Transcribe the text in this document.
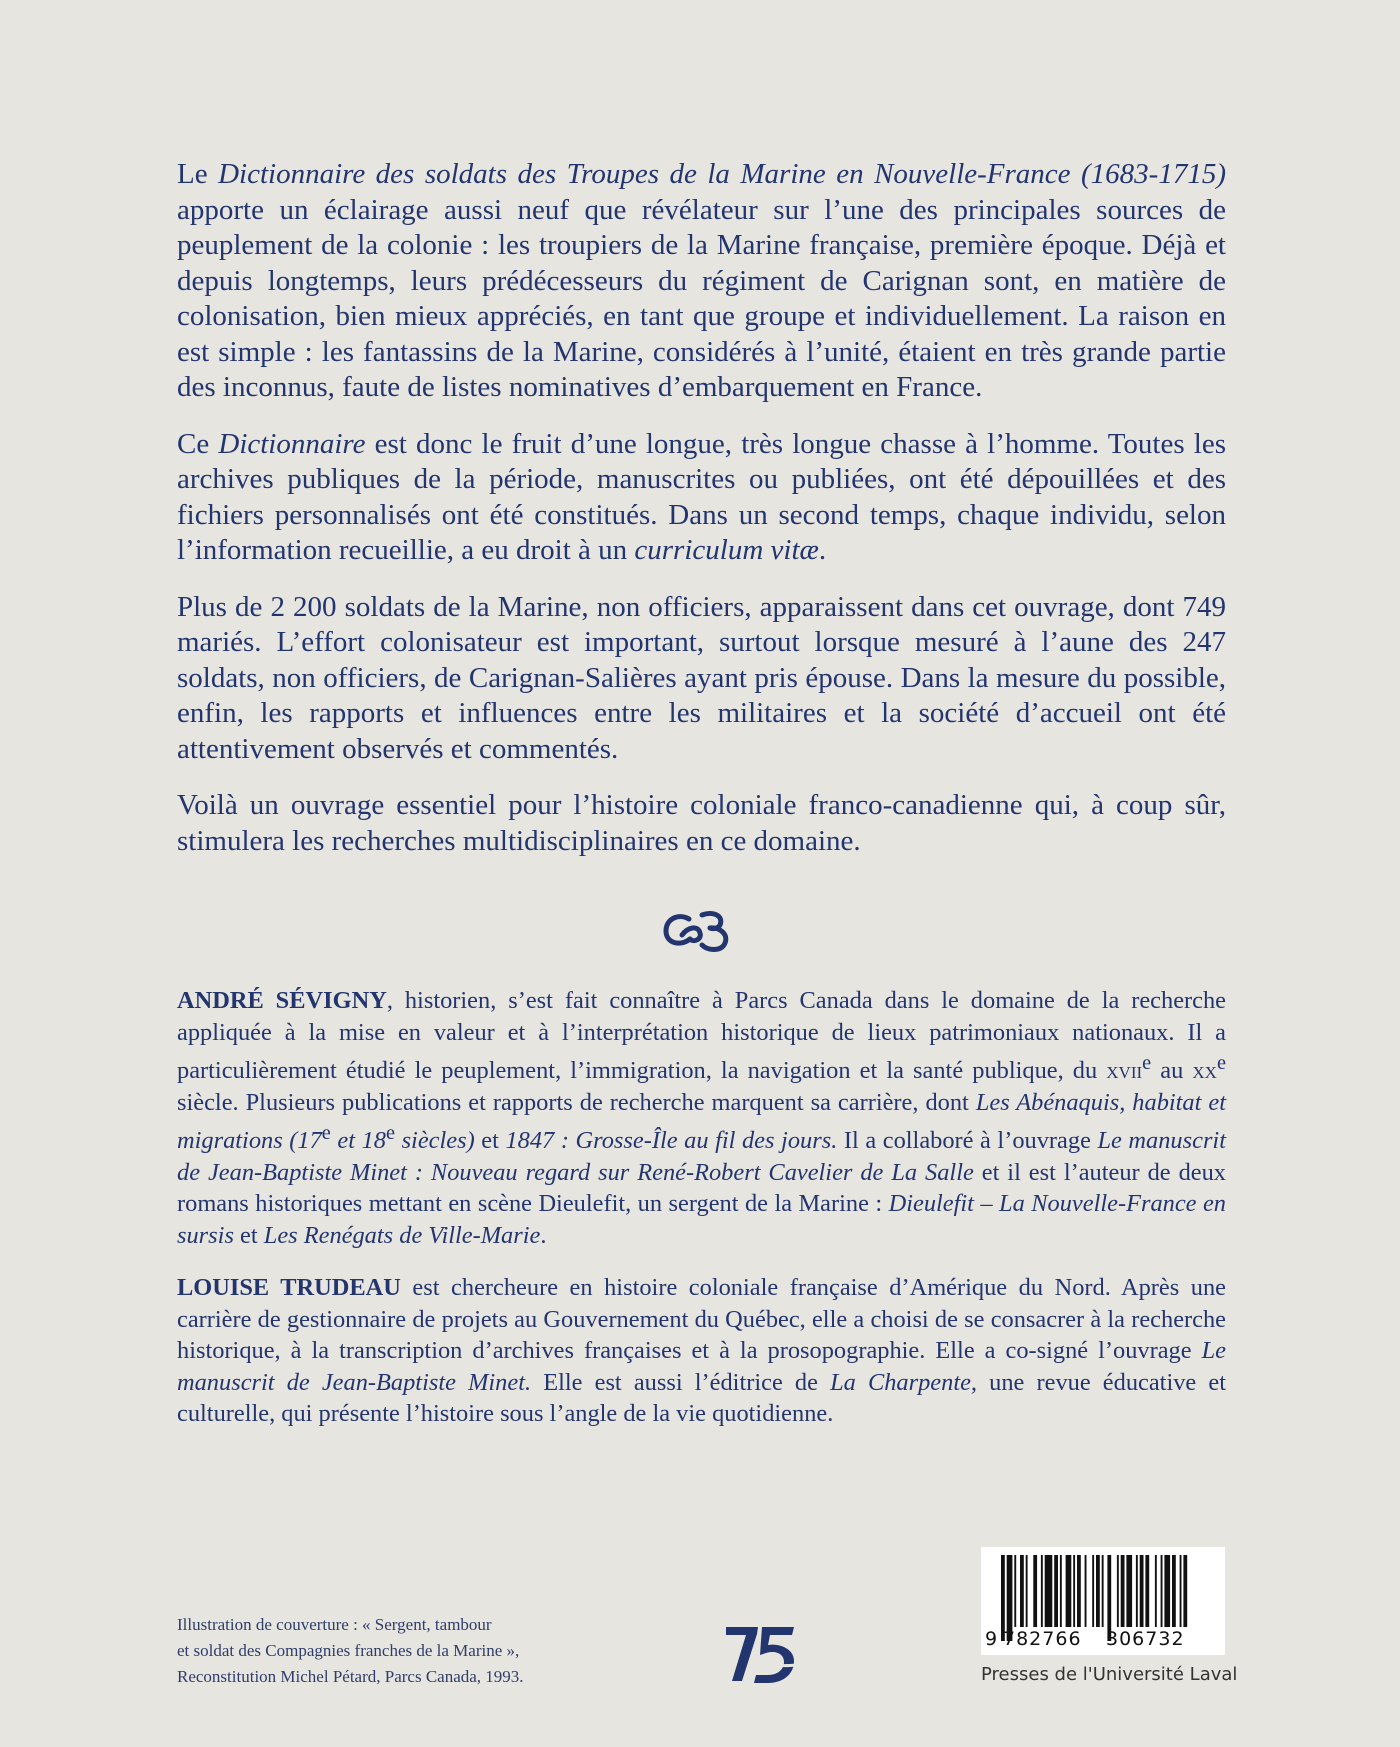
Le Dictionnaire des soldats des Troupes de la Marine en Nouvelle-France (1683-1715) apporte un éclairage aussi neuf que révélateur sur l’une des principales sources de peuplement de la colonie : les troupiers de la Marine française, première époque. Déjà et depuis longtemps, leurs prédécesseurs du régiment de Carignan sont, en matière de colonisation, bien mieux appréciés, en tant que groupe et individuellement. La raison en est simple : les fantassins de la Marine, considérés à l’unité, étaient en très grande partie des inconnus, faute de listes nominatives d’embarquement en France.

Ce Dictionnaire est donc le fruit d’une longue, très longue chasse à l’homme. Toutes les archives publiques de la période, manuscrites ou publiées, ont été dépouillées et des fichiers personnalisés ont été constitués. Dans un second temps, chaque individu, selon l’information recueillie, a eu droit à un curriculum vitæ.

Plus de 2 200 soldats de la Marine, non officiers, apparaissent dans cet ouvrage, dont 749 mariés. L’effort colonisateur est important, surtout lorsque mesuré à l’aune des 247 soldats, non officiers, de Carignan-Salières ayant pris épouse. Dans la mesure du possible, enfin, les rapports et influences entre les militaires et la société d’accueil ont été attentivement observés et commentés.

Voilà un ouvrage essentiel pour l’histoire coloniale franco-canadienne qui, à coup sûr, stimulera les recherches multidisciplinaires en ce domaine.

ANDRÉ SÉVIGNY, historien, s’est fait connaître à Parcs Canada dans le domaine de la recherche appliquée à la mise en valeur et à l’interprétation historique de lieux patrimoniaux nationaux. Il a particulièrement étudié le peuplement, l’immigration, la navigation et la santé publique, du xvii$^e$ au $xx^e$ siècle. Plusieurs publications et rapports de recherche marquent sa carrière, dont Les Abénaquis, habitat et migrations (17e et 18e siècles) et 1847 : Grosse-Île au fil des jours. Il a collaboré à l’ouvrage Le manuscrit de Jean-Baptiste Minet : Nouveau regard sur René-Robert Cavelier de La Salle et il est l’auteur de deux romans historiques mettant en scène Dieulefit, un sergent de la Marine : Dieulefit – La Nouvelle-France en sursis et Les Renégats de Ville-Marie.

LOUISE TRUDEAU est chercheure en histoire coloniale française d’Amérique du Nord. Après une carrière de gestionnaire de projets au Gouvernement du Québec, elle a choisi de se consacrer à la recherche historique, à la transcription d’archives françaises et à la prosopographie. Elle a co-signé l’ouvrage Le manuscrit de Jean-Baptiste Minet. Elle est aussi l’éditrice de La Charpente, une revue éducative et culturelle, qui présente l’histoire sous l’angle de la vie quotidienne.

Illustration de couverture : « Sergent, tambour
et soldat des Compagnies franches de la Marine »,
Reconstitution Michel Pétard, Parcs Canada, 1993.
9 782766 306732
Presses de l'Université Laval
